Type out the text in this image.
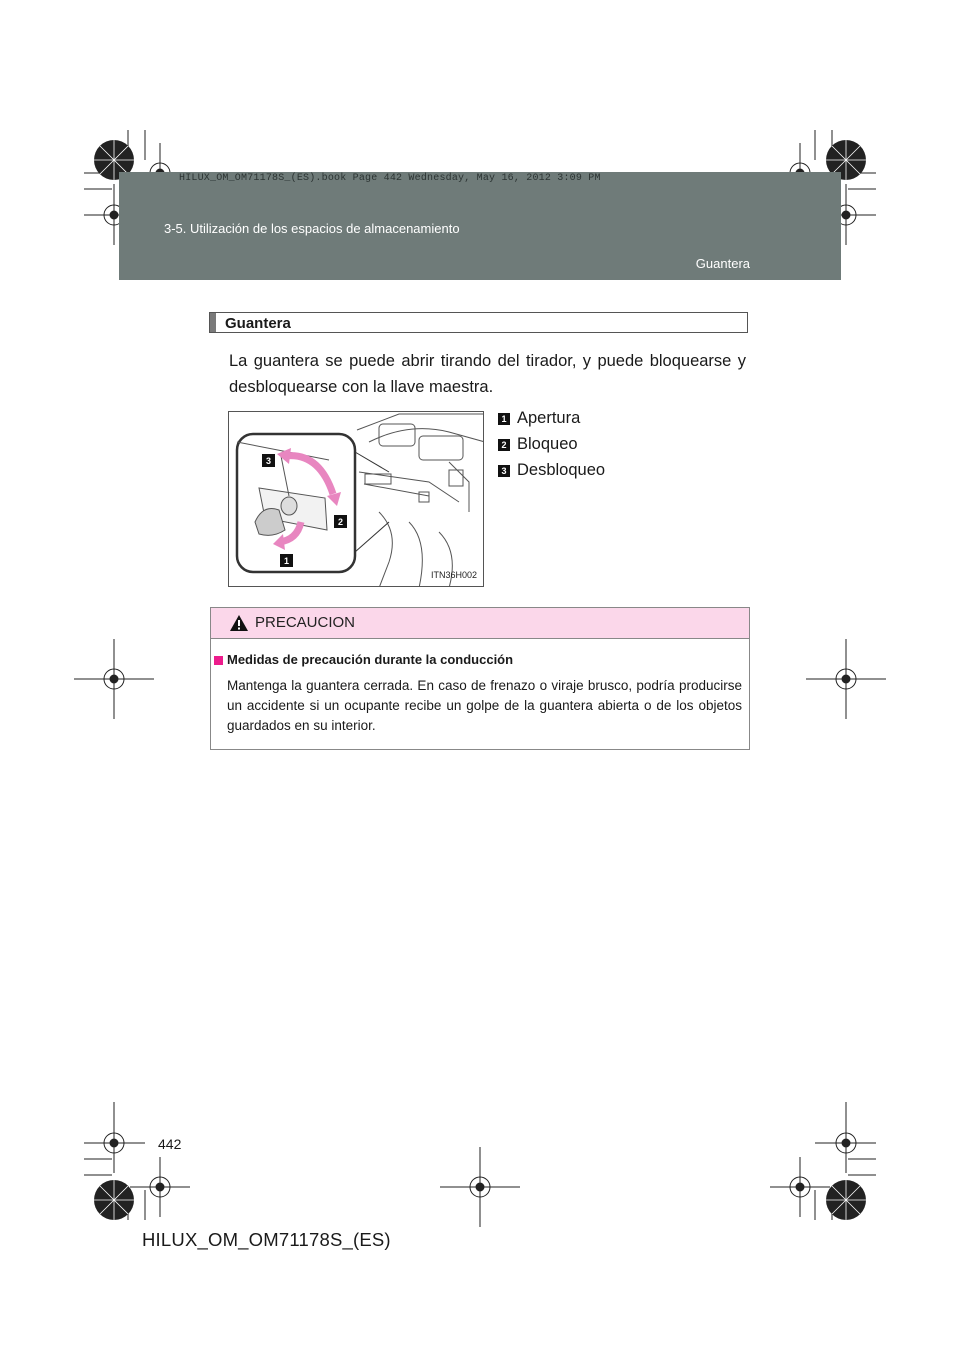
HILUX_OM_OM71178S_(ES).book Page 442 Wednesday, May 16, 2012 3:09 PM
3-5. Utilización de los espacios de almacenamiento
Guantera
Guantera

La guantera se puede abrir tirando del tirador, y puede bloquearse y desbloquearse con la llave maestra.

3
2
1
ITN36H002
1 Apertura
2 Bloqueo
3 Desbloqueo
PRECAUCION
Medidas de precaución durante la conducción

Mantenga la guantera cerrada. En caso de frenazo o viraje brusco, podría producirse un accidente si un ocupante recibe un golpe de la guantera abierta o de los objetos guardados en su interior.

442
HILUX_OM_OM71178S_(ES)
